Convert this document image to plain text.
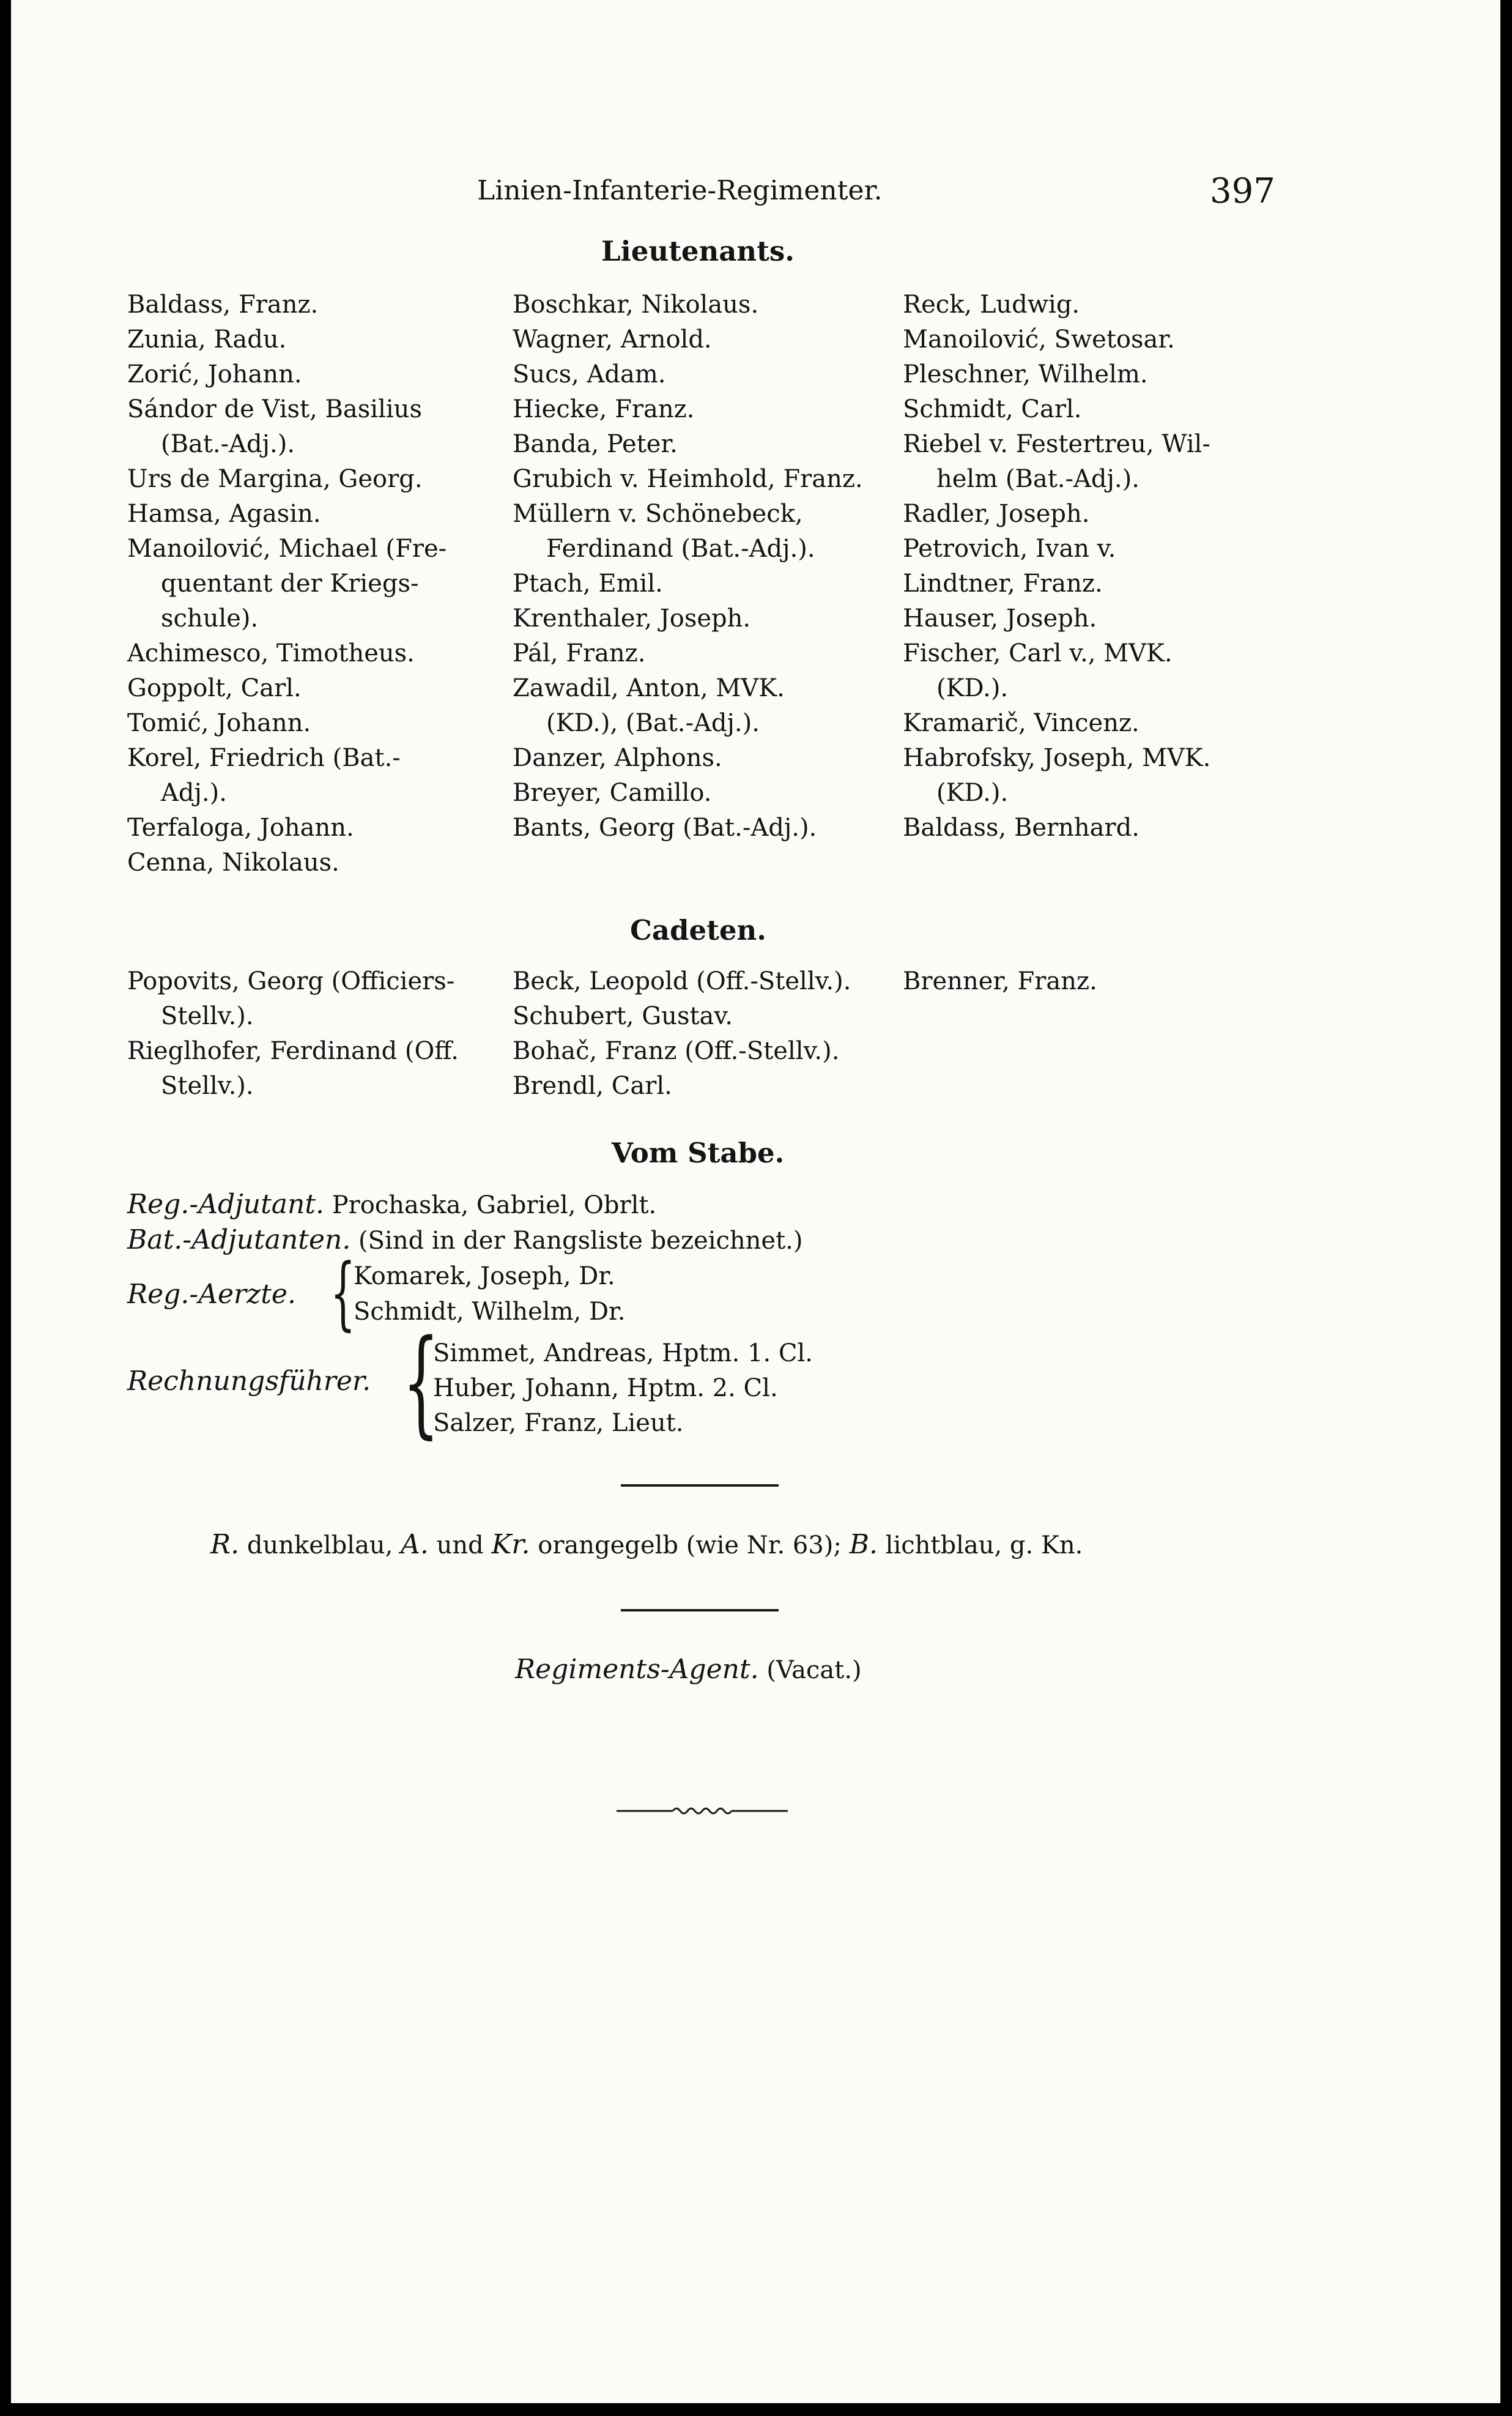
Linien-Infanterie-Regimenter.	397
Lieutenants.
Baldass, Franz.
Zunia, Radu.
Zorić, Johann.
Sándor de Vist, Basilius
(Bat.-Adj.).
Urs de Margina, Georg.
Hamsa, Agasin.
Manoilović, Michael (Fre-
quentant der Kriegs-
schule).
Achimesco, Timotheus.
Goppolt, Carl.
Tomić, Johann.
Korel, Friedrich (Bat.-
Adj.).
Terfaloga, Johann.
Cenna, Nikolaus.
Boschkar, Nikolaus.
Wagner, Arnold.
Sucs, Adam.
Hiecke, Franz.
Banda, Peter.
Grubich v. Heimhold, Franz.
Müllern v. Schönebeck,
Ferdinand (Bat.-Adj.).
Ptach, Emil.
Krenthaler, Joseph.
Pál, Franz.
Zawadil, Anton, MVK.
(KD.), (Bat.-Adj.).
Danzer, Alphons.
Breyer, Camillo.
Bants, Georg (Bat.-Adj.).
Reck, Ludwig.
Manoilović, Swetosar.
Pleschner, Wilhelm.
Schmidt, Carl.
Riebel v. Festertreu, Wil-
helm (Bat.-Adj.).
Radler, Joseph.
Petrovich, Ivan v.
Lindtner, Franz.
Hauser, Joseph.
Fischer, Carl v., MVK.
(KD.).
Kramarič, Vincenz.
Habrofsky, Joseph, MVK.
(KD.).
Baldass, Bernhard.
Cadeten.
Popovits, Georg (Officiers-
Stellv.).
Rieglhofer, Ferdinand (Off.
Stellv.).
Beck, Leopold (Off.-Stellv.).
Schubert, Gustav.
Bohač, Franz (Off.-Stellv.).
Brendl, Carl.
Brenner, Franz.
Vom Stabe.
Reg.-Adjutant. Prochaska, Gabriel, Obrlt.
Bat.-Adjutanten. (Sind in der Rangsliste bezeichnet.)
Reg.-Aerzte. {
Komarek, Joseph, Dr.
Schmidt, Wilhelm, Dr.
Rechnungsführer. {
Simmet, Andreas, Hptm. 1. Cl.
Huber, Johann, Hptm. 2. Cl.
Salzer, Franz, Lieut.
R. dunkelblau, A. und Kr. orangegelb (wie Nr. 63); B. lichtblau, g. Kn.
Regiments-Agent. (Vacat.)
